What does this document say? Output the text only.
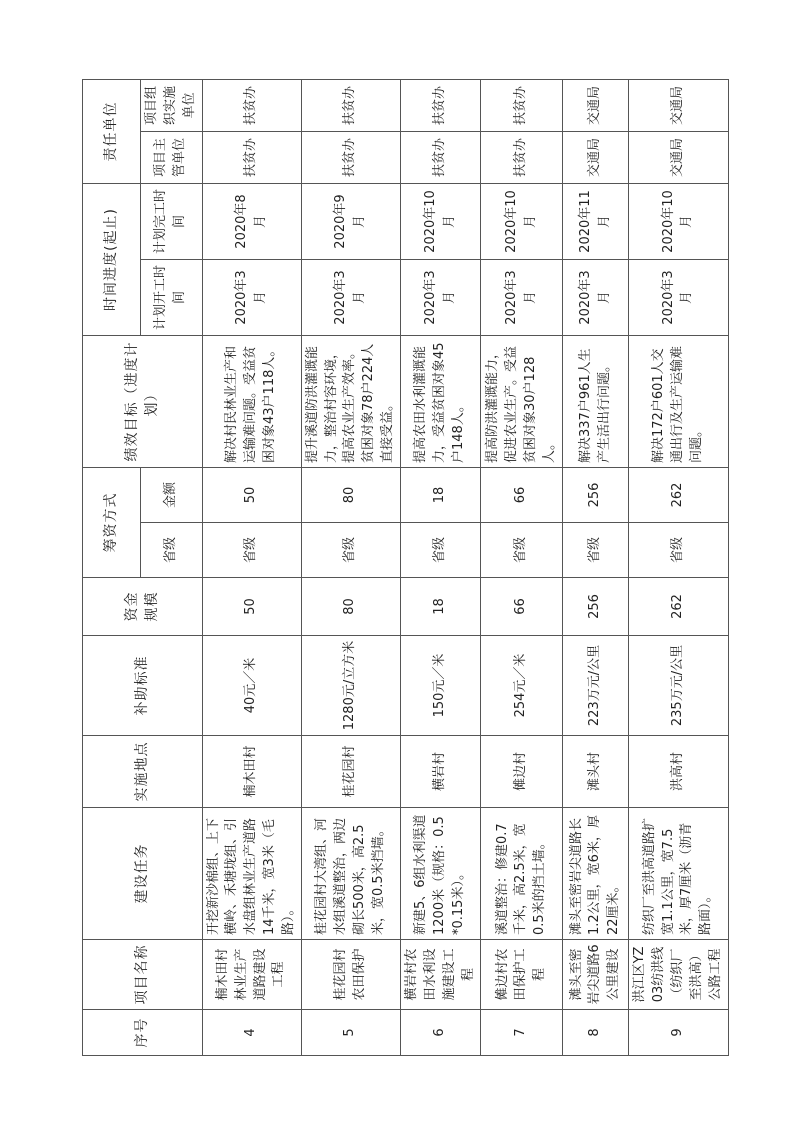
序号	项目名称	建设任务	实施地点	补助标准	资金 规模	筹资方式		绩效目标（进度计划）	时间进度(起止)		责任单位	
						省级	金额		计划开工时间	计划完工时间	项目主管单位	项目组织实施单位
4	楠木田村林业生产道路建设工程	开挖新沙棉组、上下横岭、禾塘垅组、引水盘组林业生产道路14千米，宽3米（毛路）。	楠木田村	40元／米	50	省级	50	解决村民林业生产和运输难问题。受益贫困对象43户118人。	2020年3月	2020年8月	扶贫办	扶贫办
5	桂花园村农田保护	桂花园村大湾组、河水组溪道整治，两边砌长500米，高2.5米，宽0.5米挡墙。	桂花园村	1280元/立方米	80	省级	80	提升溪道防洪灌溉能力，整治村容环境，提高农业生产效率。贫困对象78户224人直接受益。	2020年3月	2020年9月	扶贫办	扶贫办
6	横岩村农田水利设施建设工程	新建5、6组水利渠道1200米（规格：0.5*0.15米）。	横岩村	150元／米	18	省级	18	提高农田水利灌溉能力，受益贫困对象45户148人。	2020年3月	2020年10月	扶贫办	扶贫办
7	傩边村农田保护工程	溪道整治：修建0.7千米，高2.5米，宽0.5米的挡土墙。	傩边村	254元／米	66	省级	66	提高防洪灌溉能力，促进农业生产。受益贫困对象30户128人。	2020年3月	2020年10月	扶贫办	扶贫办
8	滩头至密岩尖道路6公里建设	滩头至密岩尖道路长1.2公里，宽6米，厚22厘米。	滩头村	223万元/公里	256	省级	256	解决337户961人生产生活出行问题。	2020年3月	2020年11月	交通局	交通局
9	洪江区YZ03纺洪线（纺织厂至洪高）公路工程	纺织厂至洪高道路扩宽1.1公里，宽7.5米，厚7厘米（沥青路面）。	洪高村	235万元/公里	262	省级	262	解决172户601人交通出行及生产运输难问题。	2020年3月	2020年10月	交通局	交通局
